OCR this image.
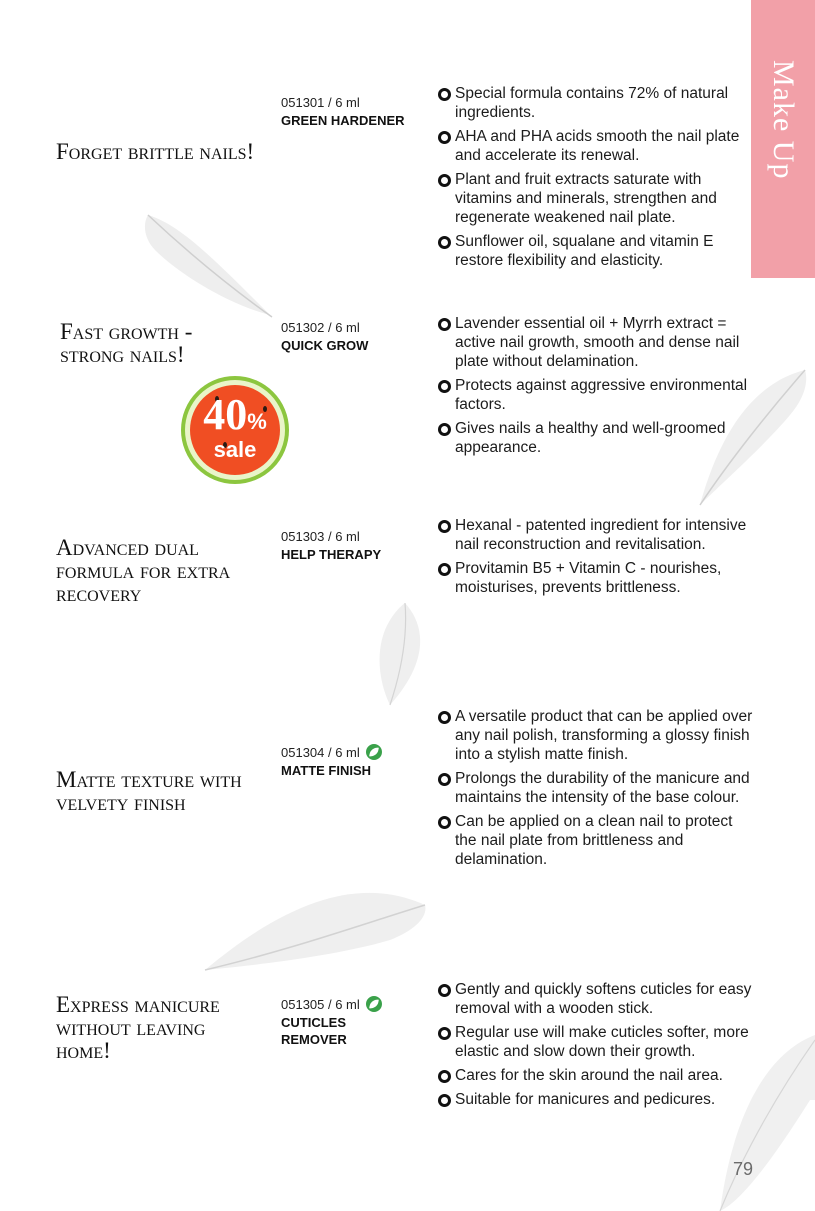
Make Up
Forget brittle nails!
051301 / 6 ml
GREEN HARDENER
Special formula contains 72% of natural ingredients.
AHA and PHA acids smooth the nail plate and accelerate its renewal.
Plant and fruit extracts saturate with vitamins and minerals, strengthen and regenerate weakened nail plate.
Sunflower oil, squalane and vitamin E restore flexibility and elasticity.
Fast growth - strong nails!
051302 / 6 ml
QUICK GROW
Lavender essential oil + Myrrh extract = active nail growth, smooth and dense nail plate without delamination.
Protects against aggressive environmental factors.
Gives nails a healthy and well-groomed appearance.
40%
sale
Advanced dual formula for extra recovery
051303 / 6 ml
HELP THERAPY
Hexanal - patented ingredient for intensive nail reconstruction and revitalisation.
Provitamin B5 + Vitamin C - nourishes, moisturises, prevents brittleness.
Matte texture with velvety finish
051304 / 6 ml
MATTE FINISH
A versatile product that can be applied over any nail polish, transforming a glossy finish into a stylish matte finish.
Prolongs the durability of the manicure and maintains the intensity of the base colour.
Can be applied on a clean nail to protect the nail plate from brittleness and delamination.
Express manicure without leaving home!
051305 / 6 ml
CUTICLES REMOVER
Gently and quickly softens cuticles for easy removal with a wooden stick.
Regular use will make cuticles softer, more elastic and slow down their growth.
Cares for the skin around the nail area.
Suitable for manicures and pedicures.
79
